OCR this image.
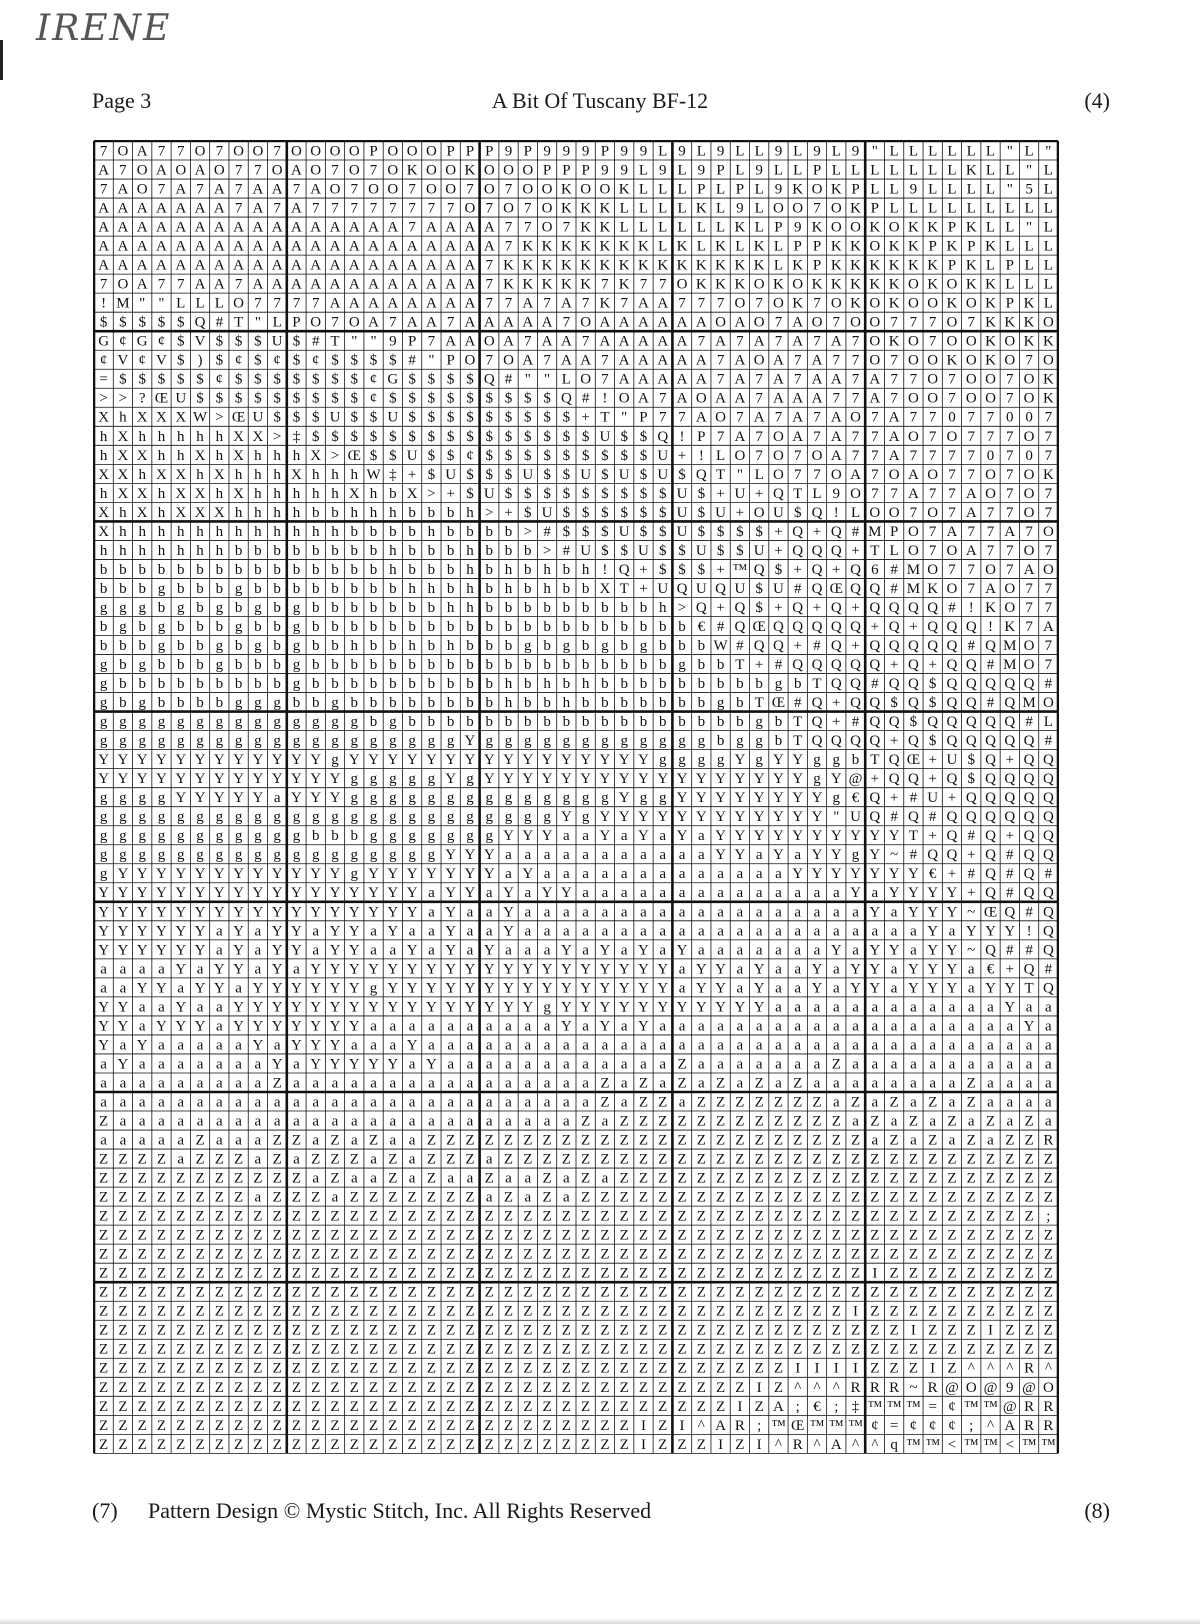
IRENE
Page 3	A Bit Of Tuscany BF-12	(4)
7 O A 7 7 O 7 O O 7 O O O O P O O O P P P 9 P 9 9 9 P 9 9 L 9 L 9 L L 9 L 9 L 9 " L L L L L L " L "
A 7 O A O A O 7 7 O A O 7 O 7 O K O O K O O O P P P 9 9 L 9 L 9 P L 9 L L P L L L L L L L K L L " L
7 A O 7 A 7 A 7 A A 7 A O 7 O O 7 O O 7 O 7 O O K O O K L L L P L P L 9 K O K P L L 9 L L L L " 5 L
A A A A A A A 7 A 7 A 7 7 7 7 7 7 7 7 O 7 O 7 O K K K L L L L K L 9 L O O 7 O K P L L L L L L L L L
A A A A A A A A A A A A A A A A 7 A A A A 7 7 O 7 K K L L L L L L K L P 9 K O O K O K K P K L L " L
A A A A A A A A A A A A A A A A A A A A A 7 K K K K K K K L K L K L K L P P K K O K K P K P K L L L
A A A A A A A A A A A A A A A A A A A A 7 K K K K K K K K K K K K K K L K P K K K K K K P K L P L L
7 O A 7 7 A A 7 A A A A A A A A A A A A 7 K K K K K 7 K 7 7 O K K K O K O K K K K K O K O K K L L L
! M " " L L L O 7 7 7 7 A A A A A A A A 7 7 A 7 A 7 K 7 A A 7 7 7 O 7 O K 7 O K O K O O K O K P K L
$ $ $ $ $ Q # T " L P O 7 O A 7 A A 7 A A A A A 7 O A A A A A A O A O 7 A O 7 O O 7 7 7 O 7 K K K O
G ¢ G ¢ $ V $ $ $ U $ # T " " 9 P 7 A A O A 7 A A 7 A A A A A 7 A 7 A 7 A 7 A 7 O K O 7 O O K O K K
¢ V ¢ V $ ) $ ¢ $ ¢ $ ¢ $ $ $ $ # " P O 7 O A 7 A A 7 A A A A A 7 A O A 7 A 7 7 O 7 O O K O K O 7 O
= $ $ $ $ $ ¢ $ $ $ $ $ $ $ ¢ G $ $ $ $ Q # " " L O 7 A A A A A 7 A 7 A 7 A A 7 A 7 7 O 7 O O 7 O K
> > ? Œ U $ $ $ $ $ $ $ $ $ ¢ $ $ $ $ $ $ $ $ $ Q # ! O A 7 A O A A 7 A A A 7 7 A 7 O O 7 O O 7 O K
X h X X X W > Œ U $ $ $ U $ $ U $ $ $ $ $ $ $ $ $ + T " P 7 7 A O 7 A 7 A 7 A O 7 A 7 7 0 7 7 0 0 7
h X h h h h h X X > ‡ $ $ $ $ $ $ $ $ $ $ $ $ $ $ $ U $ $ Q ! P 7 A 7 O A 7 A 7 7 A O 7 O 7 7 7 O 7
h X X h h X h X h h h X > Œ $ $ U $ $ ¢ $ $ $ $ $ $ $ $ $ U + ! L O 7 O 7 O A 7 7 A 7 7 7 7 0 7 0 7
X X h X X h X h h h X h h h W ‡ + $ U $ $ $ U $ $ U $ U $ U $ Q T " L O 7 7 O A 7 O A O 7 7 O 7 O K
h X X h X X h X h h h h h X h b X > + $ U $ $ $ $ $ $ $ $ $ U $ + U + Q T L 9 O 7 7 A 7 7 A O 7 O 7
X h X h X X X h h h h b b h h h b b b h > + $ U $ $ $ $ $ $ U $ U + O U $ Q ! L O O 7 O 7 A 7 7 O 7
X h h h h h h h h h h h h b b b b h b b b b > # $ $ $ U $ $ U $ $ $ $ + Q + Q # M P O 7 A 7 7 A 7 O
h h h h h h h b b b b b b b b h b b b h b b b > # U $ $ U $ $ U $ $ U + Q Q Q + T L O 7 O A 7 7 O 7
b b b b b b b b b b b b b b b h b b b h b h b h b h ! Q + $ $ $ + ™ Q $ + Q + Q 6 # M O 7 7 O 7 A O
b b b g b b b g b b b b b b b b h h b h b h b h b b X T + U Q U Q U $ U # Q Œ Q Q # M K O 7 A O 7 7
g g g b g b g b g b g b b b b b b b h h b b b b b b b b b h > Q + Q $ + Q + Q + Q Q Q Q # ! K O 7 7
b g b g b b b g b b g b b b b b b b b b b b b b b b b b b b b € # Q Œ Q Q Q Q Q + Q + Q Q Q ! K 7 A
b b b g b b g b g b g b b h b b h b h b b b g b g b g b g b b b W # Q Q + # Q + Q Q Q Q Q # Q M O 7
g b g b b b g b b b g b b b b b b b b b b b b b b b b b b b g b b T + # Q Q Q Q Q + Q + Q Q # M O 7
g b b b b b b b b b g b b b b b b b b b b h b h b h b b b b b b b b b g b T Q Q # Q Q $ Q Q Q Q Q #
g b g b b b b g g g b b g b b b b b b b b h b b h b b b b b b b g b T Œ # Q + Q Q $ Q $ Q Q # Q M O
g g g g g g g g g g g g g g b g b b b b b b b b b b b b b b b b b b g b T Q + # Q Q $ Q Q Q Q Q # L
g g g g g g g g g g g g g g g g g g g Y g g g g g g g g g g g g b g g b T Q Q Q Q + Q $ Q Q Q Q Q #
Y Y Y Y Y Y Y Y Y Y Y Y g Y Y Y Y Y Y Y Y Y Y Y Y Y Y Y Y g g g g Y g Y Y g g b T Q Œ + U $ Q + Q Q
Y Y Y Y Y Y Y Y Y Y Y Y Y g g g g g Y g Y Y Y Y Y Y Y Y Y Y Y Y Y Y Y Y Y g Y @ + Q Q + Q $ Q Q Q Q
g g g g Y Y Y Y Y a Y Y Y g g g g g g g g g g g g g g Y g g Y Y Y Y Y Y Y Y g € Q + # U + Q Q Q Q Q
g g g g g g g g g g g g g g g g g g g g g g g g Y g Y Y Y Y Y Y Y Y Y Y Y Y " U Q # Q # Q Q Q Q Q Q
g g g g g g g g g g g b b b g g g g g g g Y Y Y a a Y a Y a Y a Y Y Y Y Y Y Y Y Y Y T + Q # Q + Q Q
g g g g g g g g g g g g g g g g g g Y Y Y a a a a a a a a a a a Y Y a Y a Y Y g Y ~ # Q Q + Q # Q Q
g Y Y Y Y Y Y Y Y Y Y Y Y g Y Y Y Y Y Y Y a Y a a a a a a a a a a a a a Y Y Y Y Y Y Y € + # Q # Q #
Y Y Y Y Y Y Y Y Y Y Y Y Y Y Y Y Y a Y Y a Y a Y Y a a a a a a a a a a a a a a Y a Y Y Y Y + Q # Q Q
Y Y Y Y Y Y Y Y Y Y Y Y Y Y Y Y Y a Y a a Y a a a a a a a a a a a a a a a a a a Y a Y Y Y ~ Œ Q # Q
Y Y Y Y Y Y a Y a Y Y a Y Y a Y a a Y a a Y a a a a a a a a a a a a a a a a a a a a a Y a Y Y Y ! Q
Y Y Y Y Y Y a Y a Y Y a Y Y a a Y a Y a Y a a a Y a Y a Y a Y a a a a a a a Y a Y Y a Y Y ~ Q # # Q
a a a a Y a Y Y a Y a Y Y Y Y Y Y Y Y Y Y Y Y Y Y Y Y Y Y Y a Y Y a Y a a Y a Y Y a Y Y Y a € + Q #
a a Y Y a Y Y a Y Y Y Y Y Y g Y Y Y Y Y Y Y Y Y Y Y Y Y Y Y a Y Y a Y a a Y a Y Y a Y Y Y a Y Y T Q
Y Y a a Y a a Y Y Y Y Y Y Y Y Y Y Y Y Y Y Y Y g Y Y Y Y Y Y Y Y Y Y Y a a a a a a a a a a a a Y a a
Y Y a Y Y Y a Y Y Y Y Y Y Y a a a a a a a a a a Y a Y a Y a a a a a a a a a a a a a a a a a a a Y a
Y a Y a a a a a Y a Y Y Y a a a Y a a a a a a a a a a a a a a a a a a a a a a a a a a a a a a a a a
a Y a a a a a a a Y a Y Y Y Y Y a Y a a a a a a a a a a a a Z a a a a a a a Z a a a a a a a a a a a
a a a a a a a a a Z a a a a a a a a a a a a a a a a Z a Z a Z a Z a Z a Z a a a a a a a a Z a a a a
a a a a a a a a a a a a a a a a a a a a a a a a a a Z a Z Z a Z Z Z Z Z Z Z a Z a Z a Z a Z a a a a
Z a a a a a a a a a a a a a a a a a a a a a a a a Z a Z Z Z Z Z Z Z Z Z Z Z Z a Z a Z a Z a Z a Z a
a a a a a Z a a a Z Z a Z a Z a a Z Z Z Z Z Z Z Z Z Z Z Z Z Z Z Z Z Z Z Z Z Z Z a Z a Z a Z a Z Z R
Z Z Z Z a Z Z Z a Z a Z Z Z a Z a Z Z Z a Z Z Z Z Z Z Z Z Z Z Z Z Z Z Z Z Z Z Z Z Z Z Z Z Z Z Z Z Z
Z Z Z Z Z Z Z Z Z Z Z a Z a a Z a Z a a Z a a Z a Z a Z Z Z Z Z Z Z Z Z Z Z Z Z Z Z Z Z Z Z Z Z Z Z
Z Z Z Z Z Z Z Z a Z Z Z a Z Z Z Z Z Z Z a Z a Z a Z Z Z Z Z Z Z Z Z Z Z Z Z Z Z Z Z Z Z Z Z Z Z Z Z
Z Z Z Z Z Z Z Z Z Z Z Z Z Z Z Z Z Z Z Z Z Z Z Z Z Z Z Z Z Z Z Z Z Z Z Z Z Z Z Z Z Z Z Z Z Z Z Z Z ;
Z Z Z Z Z Z Z Z Z Z Z Z Z Z Z Z Z Z Z Z Z Z Z Z Z Z Z Z Z Z Z Z Z Z Z Z Z Z Z Z Z Z Z Z Z Z Z Z Z Z
Z Z Z Z Z Z Z Z Z Z Z Z Z Z Z Z Z Z Z Z Z Z Z Z Z Z Z Z Z Z Z Z Z Z Z Z Z Z Z Z Z Z Z Z Z Z Z Z Z Z
Z Z Z Z Z Z Z Z Z Z Z Z Z Z Z Z Z Z Z Z Z Z Z Z Z Z Z Z Z Z Z Z Z Z Z Z Z Z Z Z I Z Z Z Z Z Z Z Z Z
Z Z Z Z Z Z Z Z Z Z Z Z Z Z Z Z Z Z Z Z Z Z Z Z Z Z Z Z Z Z Z Z Z Z Z Z Z Z Z Z Z Z Z Z Z Z Z Z Z Z
Z Z Z Z Z Z Z Z Z Z Z Z Z Z Z Z Z Z Z Z Z Z Z Z Z Z Z Z Z Z Z Z Z Z Z Z Z Z Z I Z Z Z Z Z Z Z Z Z Z
Z Z Z Z Z Z Z Z Z Z Z Z Z Z Z Z Z Z Z Z Z Z Z Z Z Z Z Z Z Z Z Z Z Z Z Z Z Z Z Z Z Z I Z Z Z I Z Z Z
Z Z Z Z Z Z Z Z Z Z Z Z Z Z Z Z Z Z Z Z Z Z Z Z Z Z Z Z Z Z Z Z Z Z Z Z Z Z Z Z Z Z Z Z Z Z Z Z Z Z
Z Z Z Z Z Z Z Z Z Z Z Z Z Z Z Z Z Z Z Z Z Z Z Z Z Z Z Z Z Z Z Z Z Z Z Z I I I I Z Z Z I Z ^ ^ ^ R ^
Z Z Z Z Z Z Z Z Z Z Z Z Z Z Z Z Z Z Z Z Z Z Z Z Z Z Z Z Z Z Z Z Z Z I Z ^ ^ ^ R R R ~ R @ O @ 9 @ O
Z Z Z Z Z Z Z Z Z Z Z Z Z Z Z Z Z Z Z Z Z Z Z Z Z Z Z Z Z Z Z Z Z I Z A ; € ; ‡ ™ ™ ™ = ¢ ™ ™ @ R R
Z Z Z Z Z Z Z Z Z Z Z Z Z Z Z Z Z Z Z Z Z Z Z Z Z Z Z Z I Z I ^ A R ; ™ Œ ™ ™ ™ ¢ = ¢ ¢ ¢ ; ^ A R R
Z Z Z Z Z Z Z Z Z Z Z Z Z Z Z Z Z Z Z Z Z Z Z Z Z Z Z Z I Z Z Z I Z I ^ R ^ A ^ ^ q ™ ™ < ™ ™ < ™ ™
(7) Pattern Design © Mystic Stitch, Inc. All Rights Reserved	(8)
